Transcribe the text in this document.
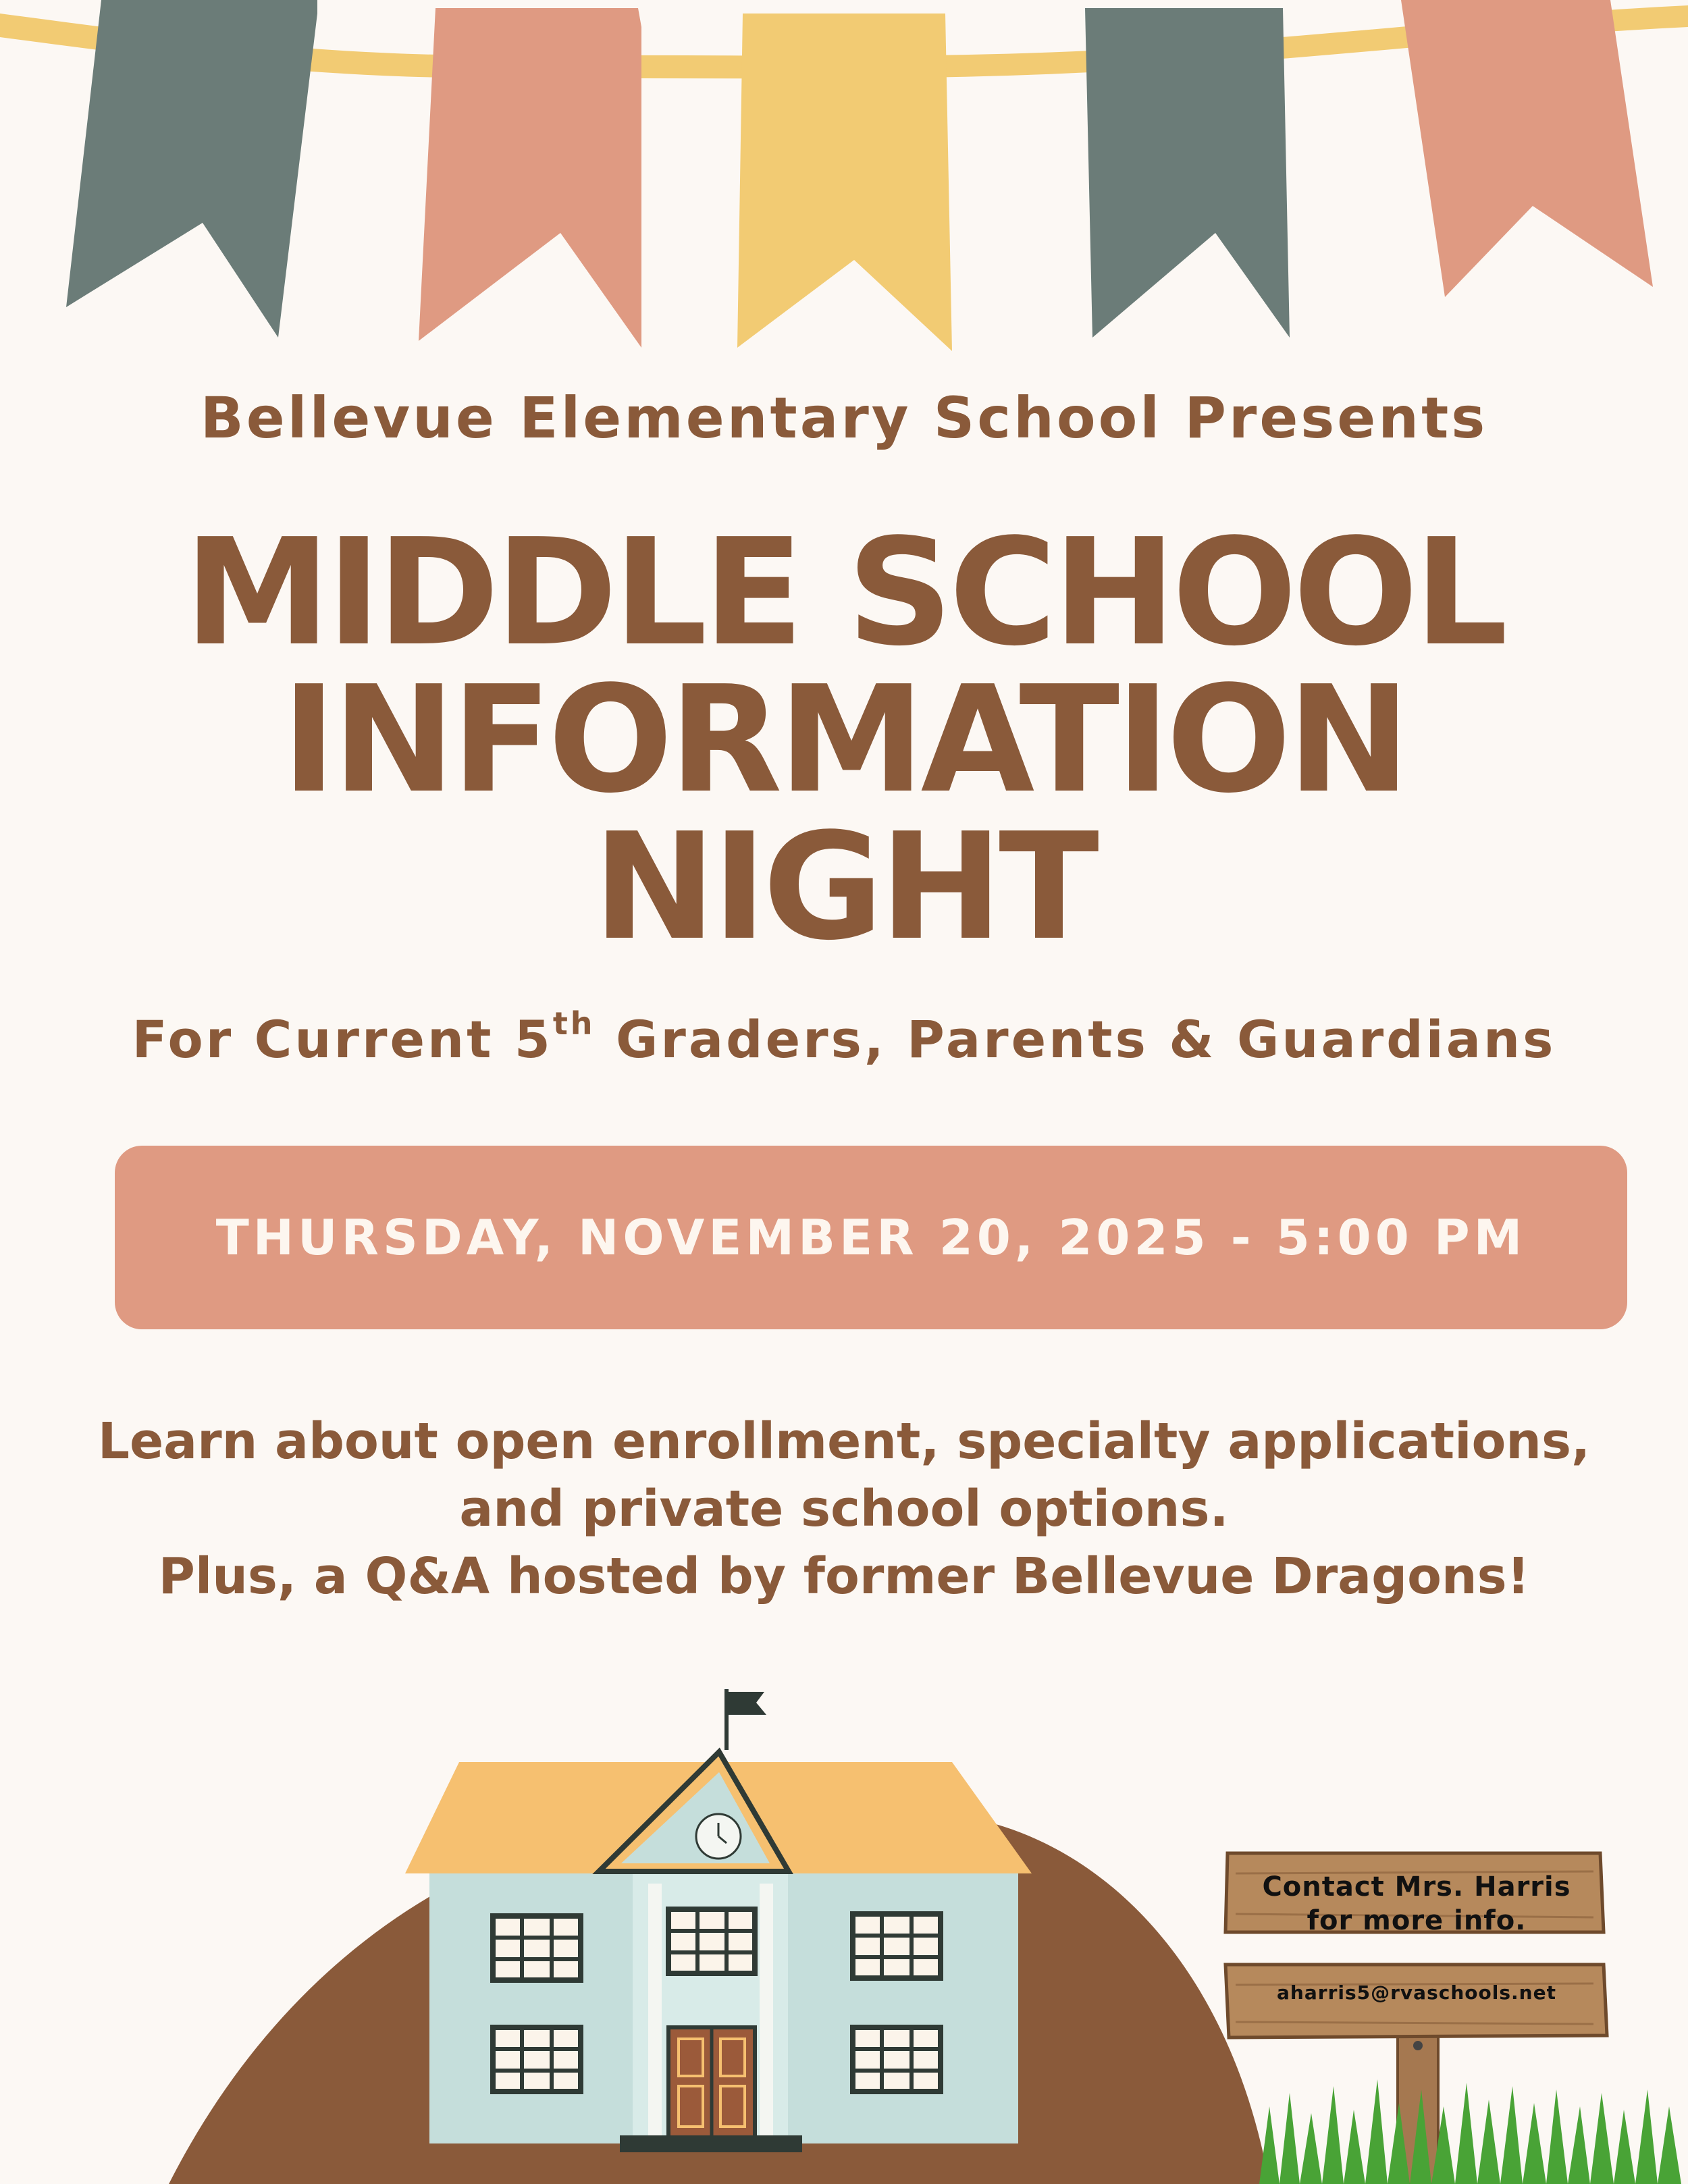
Bellevue Elementary School Presents
MIDDLE SCHOOL
INFORMATION
NIGHT
For Current 5th Graders, Parents & Guardians
THURSDAY, NOVEMBER 20, 2025 - 5:00 PM
Learn about open enrollment, specialty applications,
and private school options.
Plus, a Q&A hosted by former Bellevue Dragons!
Contact Mrs. Harris
for more info.
aharris5@rvaschools.net
